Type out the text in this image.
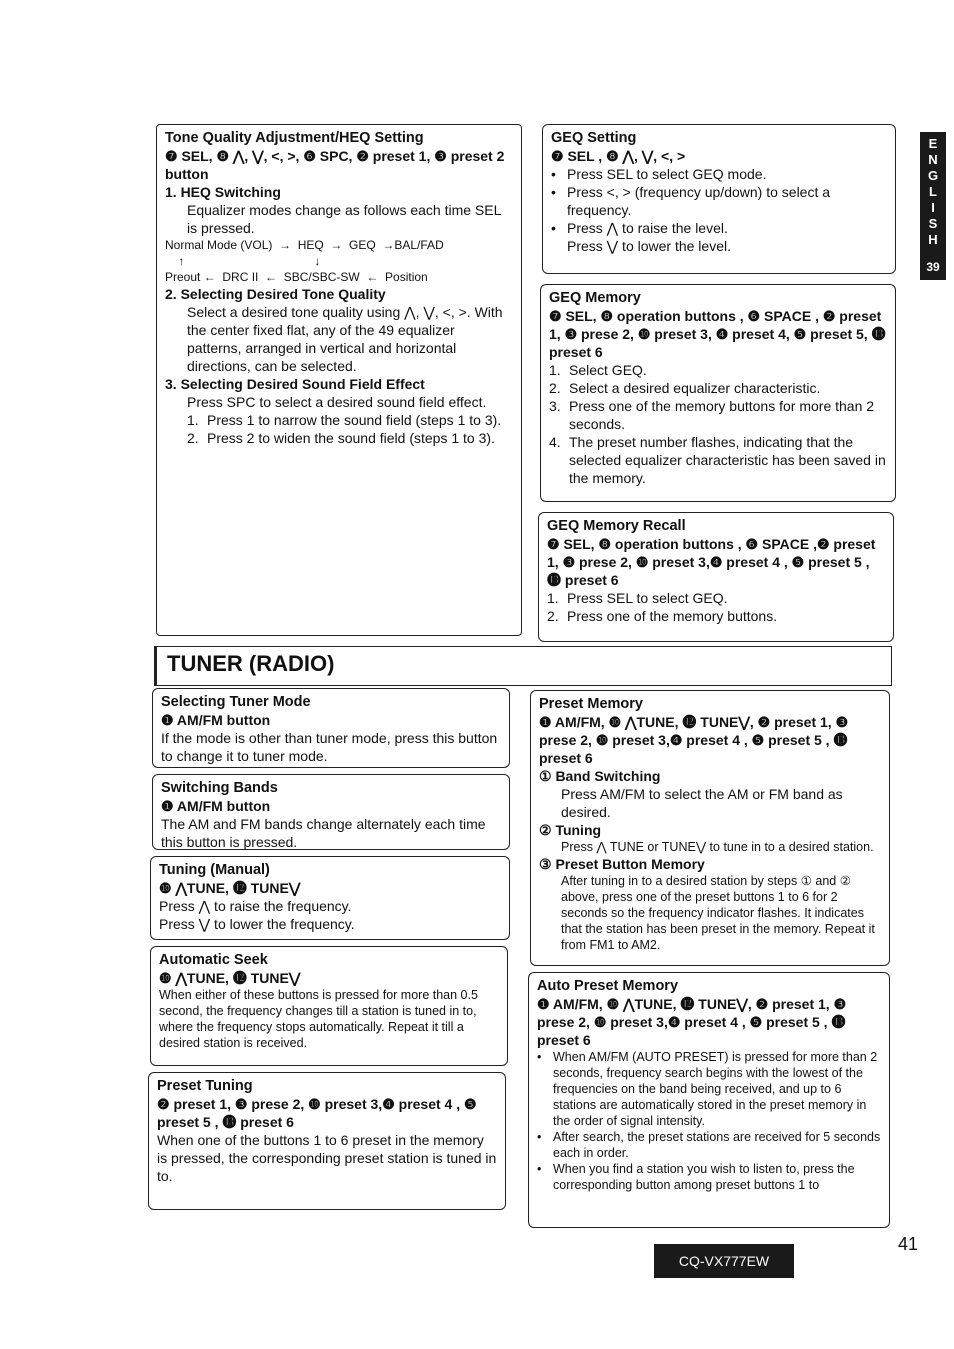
E N G L I S H
39
Tone Quality Adjustment/HEQ Setting
❼ SEL, ❽ ⋀, ⋁, <, >, ❻ SPC, ❷ preset 1, ❸ preset 2 button
1. HEQ Switching
Equalizer modes change as follows each time SEL is pressed.
Normal Mode (VOL)  →  HEQ  →  GEQ  →BAL/FAD
↑                                       ↓
Preout ←  DRC II  ←  SBC/SBC-SW  ←  Position
2. Selecting Desired Tone Quality
Select a desired tone quality using ⋀, ⋁, <, >. With the center fixed flat, any of the 49 equalizer patterns, arranged in vertical and horizontal directions, can be selected.
3. Selecting Desired Sound Field Effect
Press SPC to select a desired sound field effect.
1. Press 1 to narrow the sound field (steps 1 to 3).
2. Press 2 to widen the sound field (steps 1 to 3).
GEQ Setting
❼ SEL , ❽ ⋀, ⋁, <, >
• Press SEL to select GEQ mode.
• Press <, > (frequency up/down) to select a frequency.
• Press ⋀ to raise the level.
Press ⋁ to lower the level.
GEQ Memory
❼ SEL, ❽ operation buttons , ❻ SPACE , ❷ preset 1, ❸ prese 2, ❿ preset 3, ❹ preset 4, ❺ preset 5, ⓭ preset 6
1. Select GEQ.
2. Select a desired equalizer characteristic.
3. Press one of the memory buttons for more than 2 seconds.
4. The preset number flashes, indicating that the selected equalizer characteristic has been saved in the memory.
GEQ Memory Recall
❼ SEL, ❽ operation buttons , ❻ SPACE ,❷ preset 1, ❸ prese 2, ❿ preset 3,❹ preset 4 , ❺ preset 5 , ⓭ preset 6
1. Press SEL to select GEQ.
2. Press one of the memory buttons.
TUNER (RADIO)
Selecting Tuner Mode
❶ AM/FM button
If the mode is other than tuner mode, press this button to change it to tuner mode.
Switching Bands
❶ AM/FM button
The AM and FM bands change alternately each time this button is pressed.
Tuning (Manual)
❿ ⋀TUNE, ⓬ TUNE⋁
Press ⋀ to raise the frequency.
Press ⋁ to lower the frequency.
Automatic Seek
❿ ⋀TUNE, ⓬ TUNE⋁
When either of these buttons is pressed for more than 0.5 second, the frequency changes till a station is tuned in to, where the frequency stops automatically. Repeat it till a desired station is received.
Preset Tuning
❷ preset 1, ❸ prese 2, ❿ preset 3,❹ preset 4 , ❺ preset 5 , ⓭ preset 6
When one of the buttons 1 to 6 preset in the memory is pressed, the corresponding preset station is tuned in to.
Preset Memory
❶ AM/FM, ❿ ⋀TUNE, ⓬ TUNE⋁, ❷ preset 1, ❸ prese 2, ❿ preset 3,❹ preset 4 , ❺ preset 5 , ⓭ preset 6
① Band Switching
Press AM/FM to select the AM or FM band as desired.
② Tuning
Press ⋀ TUNE or TUNE⋁ to tune in to a desired station.
③ Preset Button Memory
After tuning in to a desired station by steps ① and ② above, press one of the preset buttons 1 to 6 for 2 seconds so the frequency indicator flashes. It indicates that the station has been preset in the memory. Repeat it from FM1 to AM2.
Auto Preset Memory
❶ AM/FM, ❿ ⋀TUNE, ⓬ TUNE⋁, ❷ preset 1, ❸ prese 2, ❿ preset 3,❹ preset 4 , ❺ preset 5 , ⓭ preset 6
• When AM/FM (AUTO PRESET) is pressed for more than 2 seconds, frequency search begins with the lowest of the frequencies on the band being received, and up to 6 stations are automatically stored in the preset memory in the order of signal intensity.
• After search, the preset stations are received for 5 seconds each in order.
• When you find a station you wish to listen to, press the corresponding button among preset buttons 1 to
41
CQ-VX777EW
